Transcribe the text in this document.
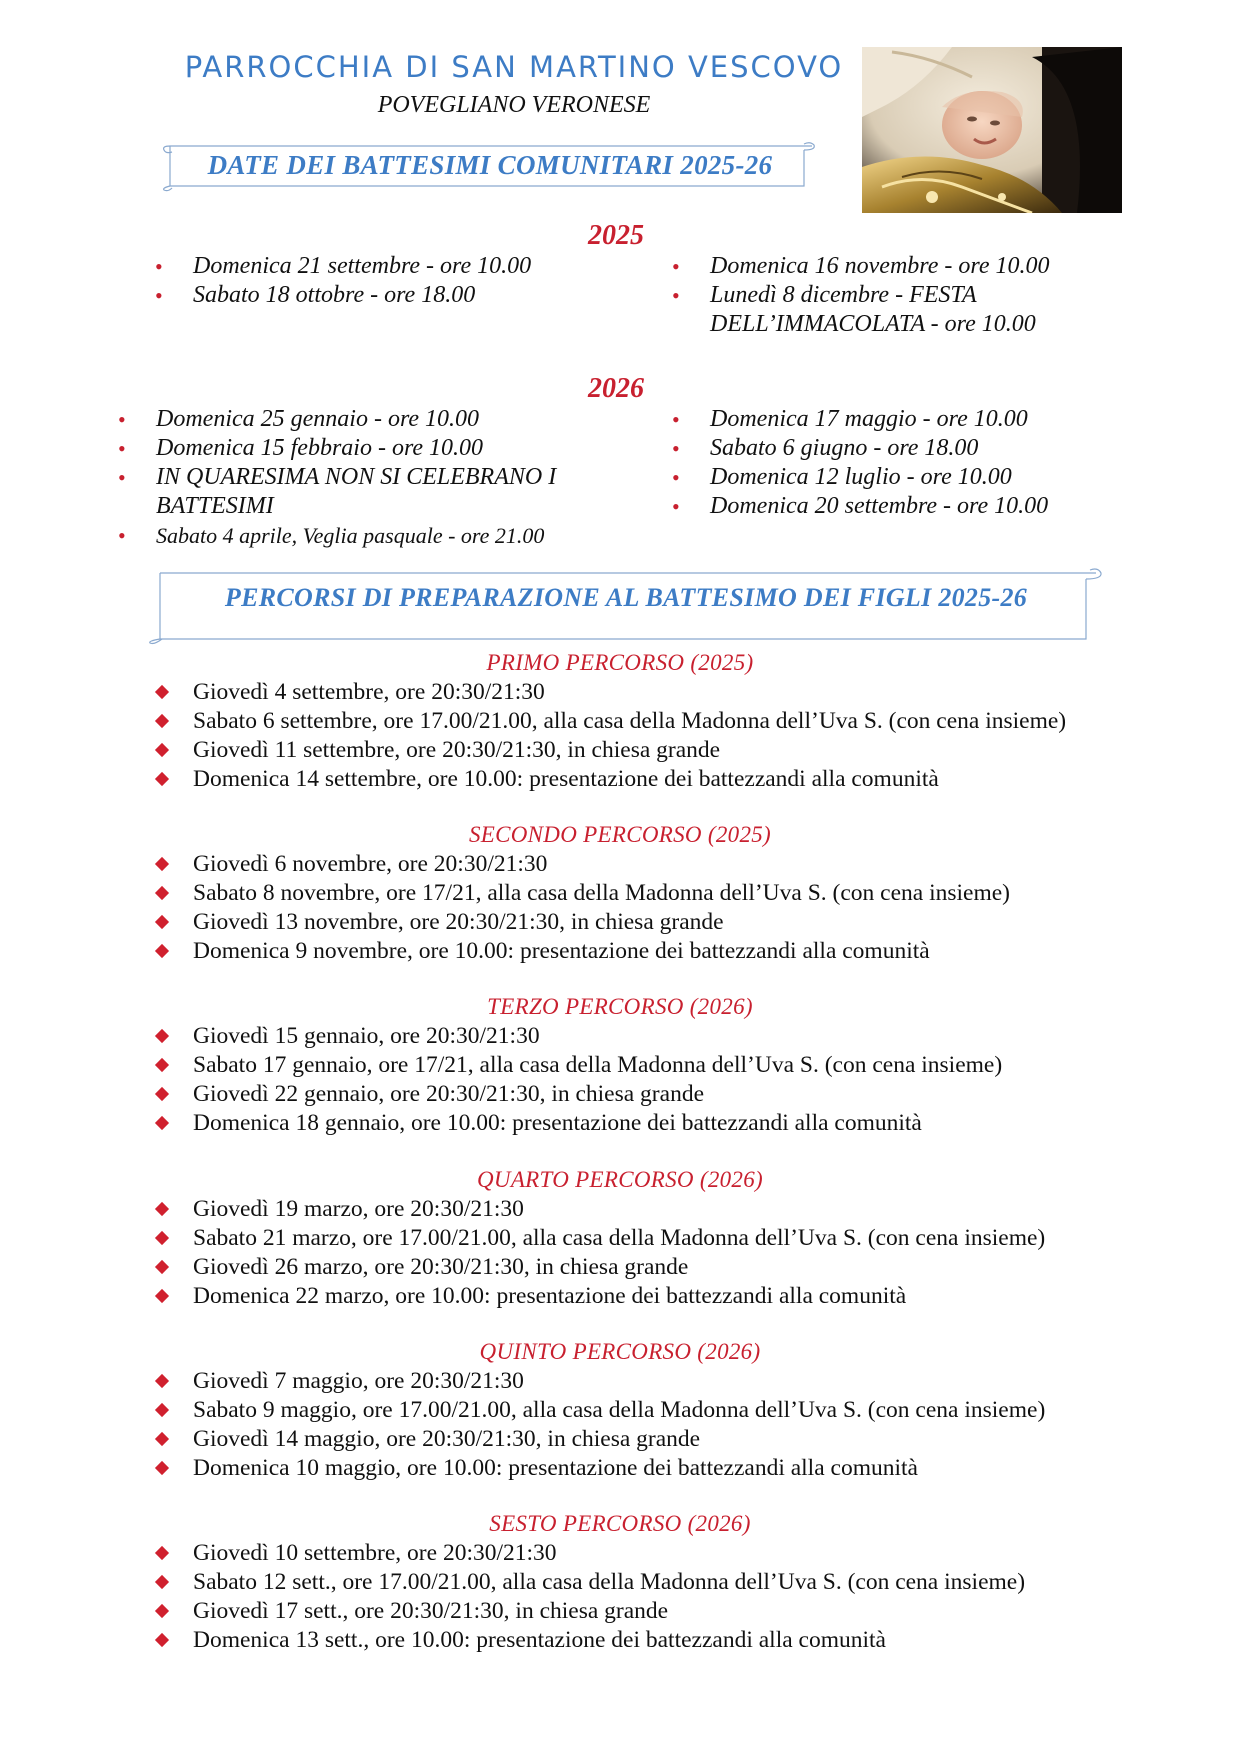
PARROCCHIA DI SAN MARTINO VESCOVO
POVEGLIANO VERONESE
DATE DEI BATTESIMI COMUNITARI 2025-26
2025
• Domenica 21 settembre - ore 10.00
• Sabato 18 ottobre - ore 18.00
• Domenica 16 novembre - ore 10.00
• Lunedì 8 dicembre - FESTA DELL’IMMACOLATA - ore 10.00
2026
• Domenica 25 gennaio - ore 10.00
• Domenica 15 febbraio - ore 10.00
• IN QUARESIMA NON SI CELEBRANO I BATTESIMI
• Sabato 4 aprile, Veglia pasquale - ore 21.00
• Domenica 17 maggio - ore 10.00
• Sabato 6 giugno - ore 18.00
• Domenica 12 luglio - ore 10.00
• Domenica 20 settembre - ore 10.00
PERCORSI DI PREPARAZIONE AL BATTESIMO DEI FIGLI 2025-26
PRIMO PERCORSO (2025)
Giovedì 4 settembre, ore 20:30/21:30
Sabato 6 settembre, ore 17.00/21.00, alla casa della Madonna dell’Uva S. (con cena insieme)
Giovedì 11 settembre, ore 20:30/21:30, in chiesa grande
Domenica 14 settembre, ore 10.00: presentazione dei battezzandi alla comunità
SECONDO PERCORSO (2025)
Giovedì 6 novembre, ore 20:30/21:30
Sabato 8 novembre, ore 17/21, alla casa della Madonna dell’Uva S. (con cena insieme)
Giovedì 13 novembre, ore 20:30/21:30, in chiesa grande
Domenica 9 novembre, ore 10.00: presentazione dei battezzandi alla comunità
TERZO PERCORSO (2026)
Giovedì 15 gennaio, ore 20:30/21:30
Sabato 17 gennaio, ore 17/21, alla casa della Madonna dell’Uva S. (con cena insieme)
Giovedì 22 gennaio, ore 20:30/21:30, in chiesa grande
Domenica 18 gennaio, ore 10.00: presentazione dei battezzandi alla comunità
QUARTO PERCORSO (2026)
Giovedì 19 marzo, ore 20:30/21:30
Sabato 21 marzo, ore 17.00/21.00, alla casa della Madonna dell’Uva S. (con cena insieme)
Giovedì 26 marzo, ore 20:30/21:30, in chiesa grande
Domenica 22 marzo, ore 10.00: presentazione dei battezzandi alla comunità
QUINTO PERCORSO (2026)
Giovedì 7 maggio, ore 20:30/21:30
Sabato 9 maggio, ore 17.00/21.00, alla casa della Madonna dell’Uva S. (con cena insieme)
Giovedì 14 maggio, ore 20:30/21:30, in chiesa grande
Domenica 10 maggio, ore 10.00: presentazione dei battezzandi alla comunità
SESTO PERCORSO (2026)
Giovedì 10 settembre, ore 20:30/21:30
Sabato 12 sett., ore 17.00/21.00, alla casa della Madonna dell’Uva S. (con cena insieme)
Giovedì 17 sett., ore 20:30/21:30, in chiesa grande
Domenica 13 sett., ore 10.00: presentazione dei battezzandi alla comunità
